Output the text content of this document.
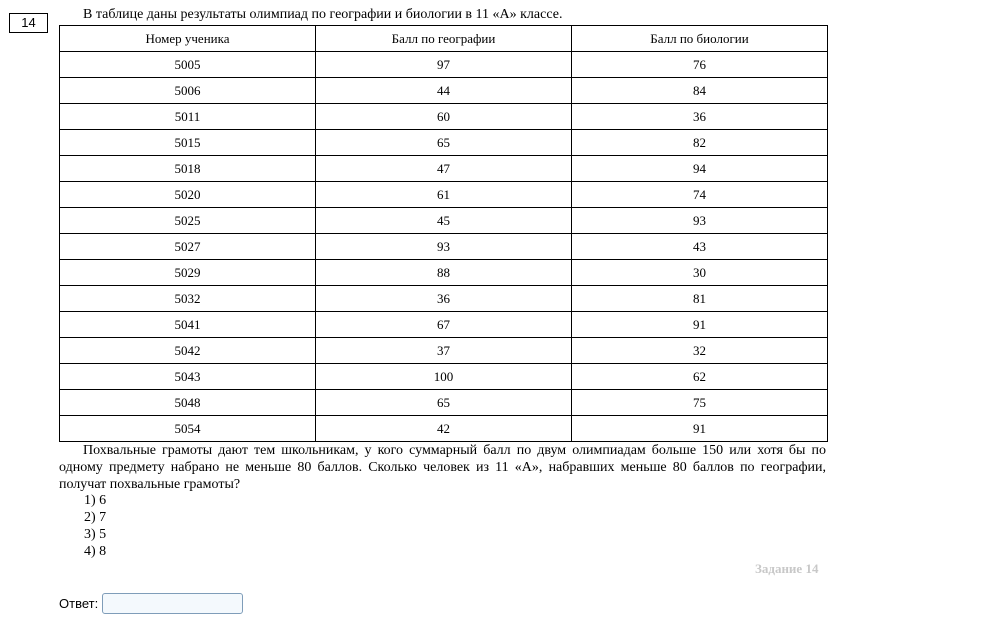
14
В таблице даны результаты олимпиад по географии и биологии в 11 «А» классе.
Номер ученика	Балл по географии	Балл по биологии
5005	97	76
5006	44	84
5011	60	36
5015	65	82
5018	47	94
5020	61	74
5025	45	93
5027	93	43
5029	88	30
5032	36	81
5041	67	91
5042	37	32
5043	100	62
5048	65	75
5054	42	91
Похвальные грамоты дают тем школьникам, у кого суммарный балл по двум олимпиадам больше 150 или хотя бы по одному предмету набрано не меньше 80 баллов. Сколько человек из 11 «А», набравших меньше 80 баллов по географии, получат похвальные грамоты?
1) 6
2) 7
3) 5
4) 8
Задание 14
Ответ:
